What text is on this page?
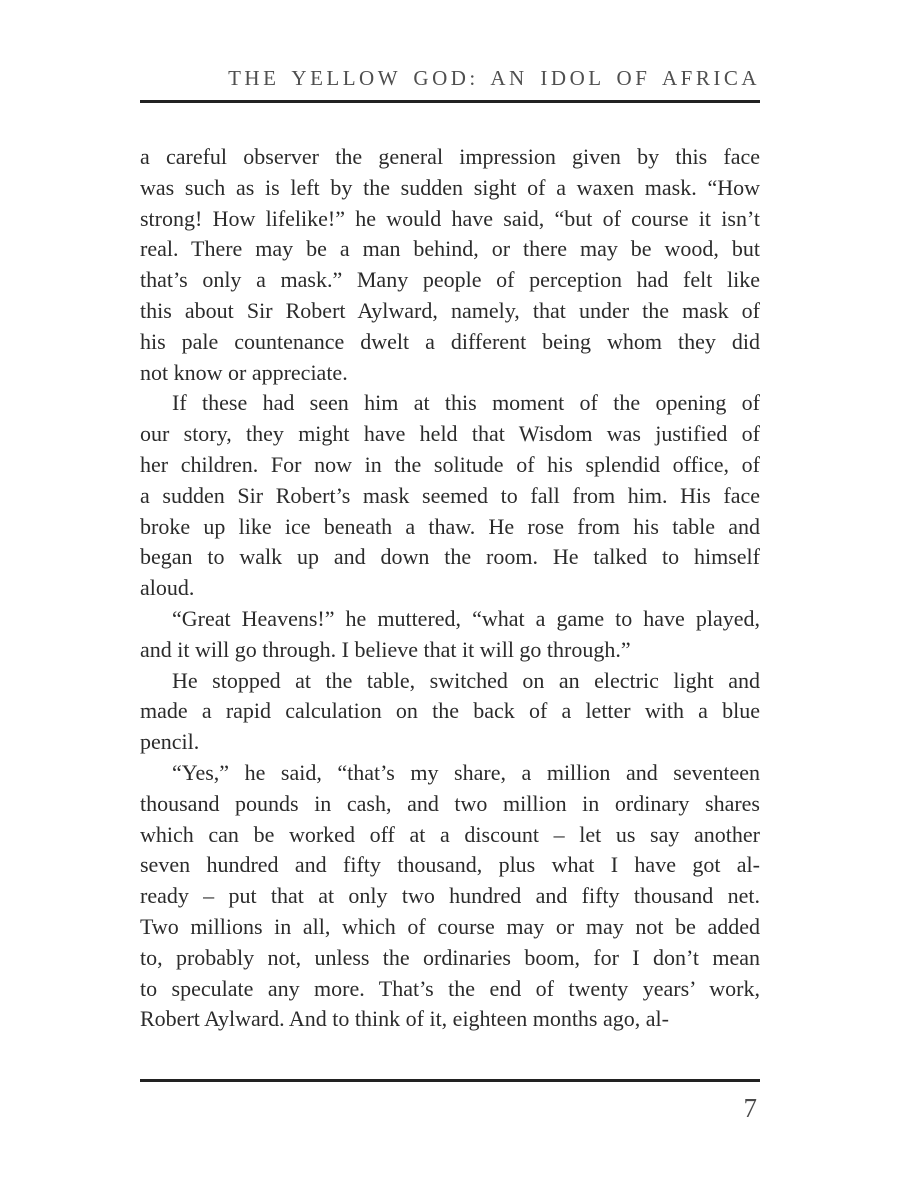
THE YELLOW GOD: AN IDOL OF AFRICA
a careful observer the general impression given by this face
was such as is left by the sudden sight of a waxen mask. “How
strong! How lifelike!” he would have said, “but of course it isn’t
real. There may be a man behind, or there may be wood, but
that’s only a mask.” Many people of perception had felt like
this about Sir Robert Aylward, namely, that under the mask of
his pale countenance dwelt a different being whom they did
not know or appreciate.
If these had seen him at this moment of the opening of
our story, they might have held that Wisdom was justified of
her children. For now in the solitude of his splendid office, of
a sudden Sir Robert’s mask seemed to fall from him. His face
broke up like ice beneath a thaw. He rose from his table and
began to walk up and down the room. He talked to himself
aloud.
“Great Heavens!” he muttered, “what a game to have played,
and it will go through. I believe that it will go through.”
He stopped at the table, switched on an electric light and
made a rapid calculation on the back of a letter with a blue
pencil.
“Yes,” he said, “that’s my share, a million and seventeen
thousand pounds in cash, and two million in ordinary shares
which can be worked off at a discount – let us say another
seven hundred and fifty thousand, plus what I have got al-
ready – put that at only two hundred and fifty thousand net.
Two millions in all, which of course may or may not be added
to, probably not, unless the ordinaries boom, for I don’t mean
to speculate any more. That’s the end of twenty years’ work,
Robert Aylward. And to think of it, eighteen months ago, al-
7
